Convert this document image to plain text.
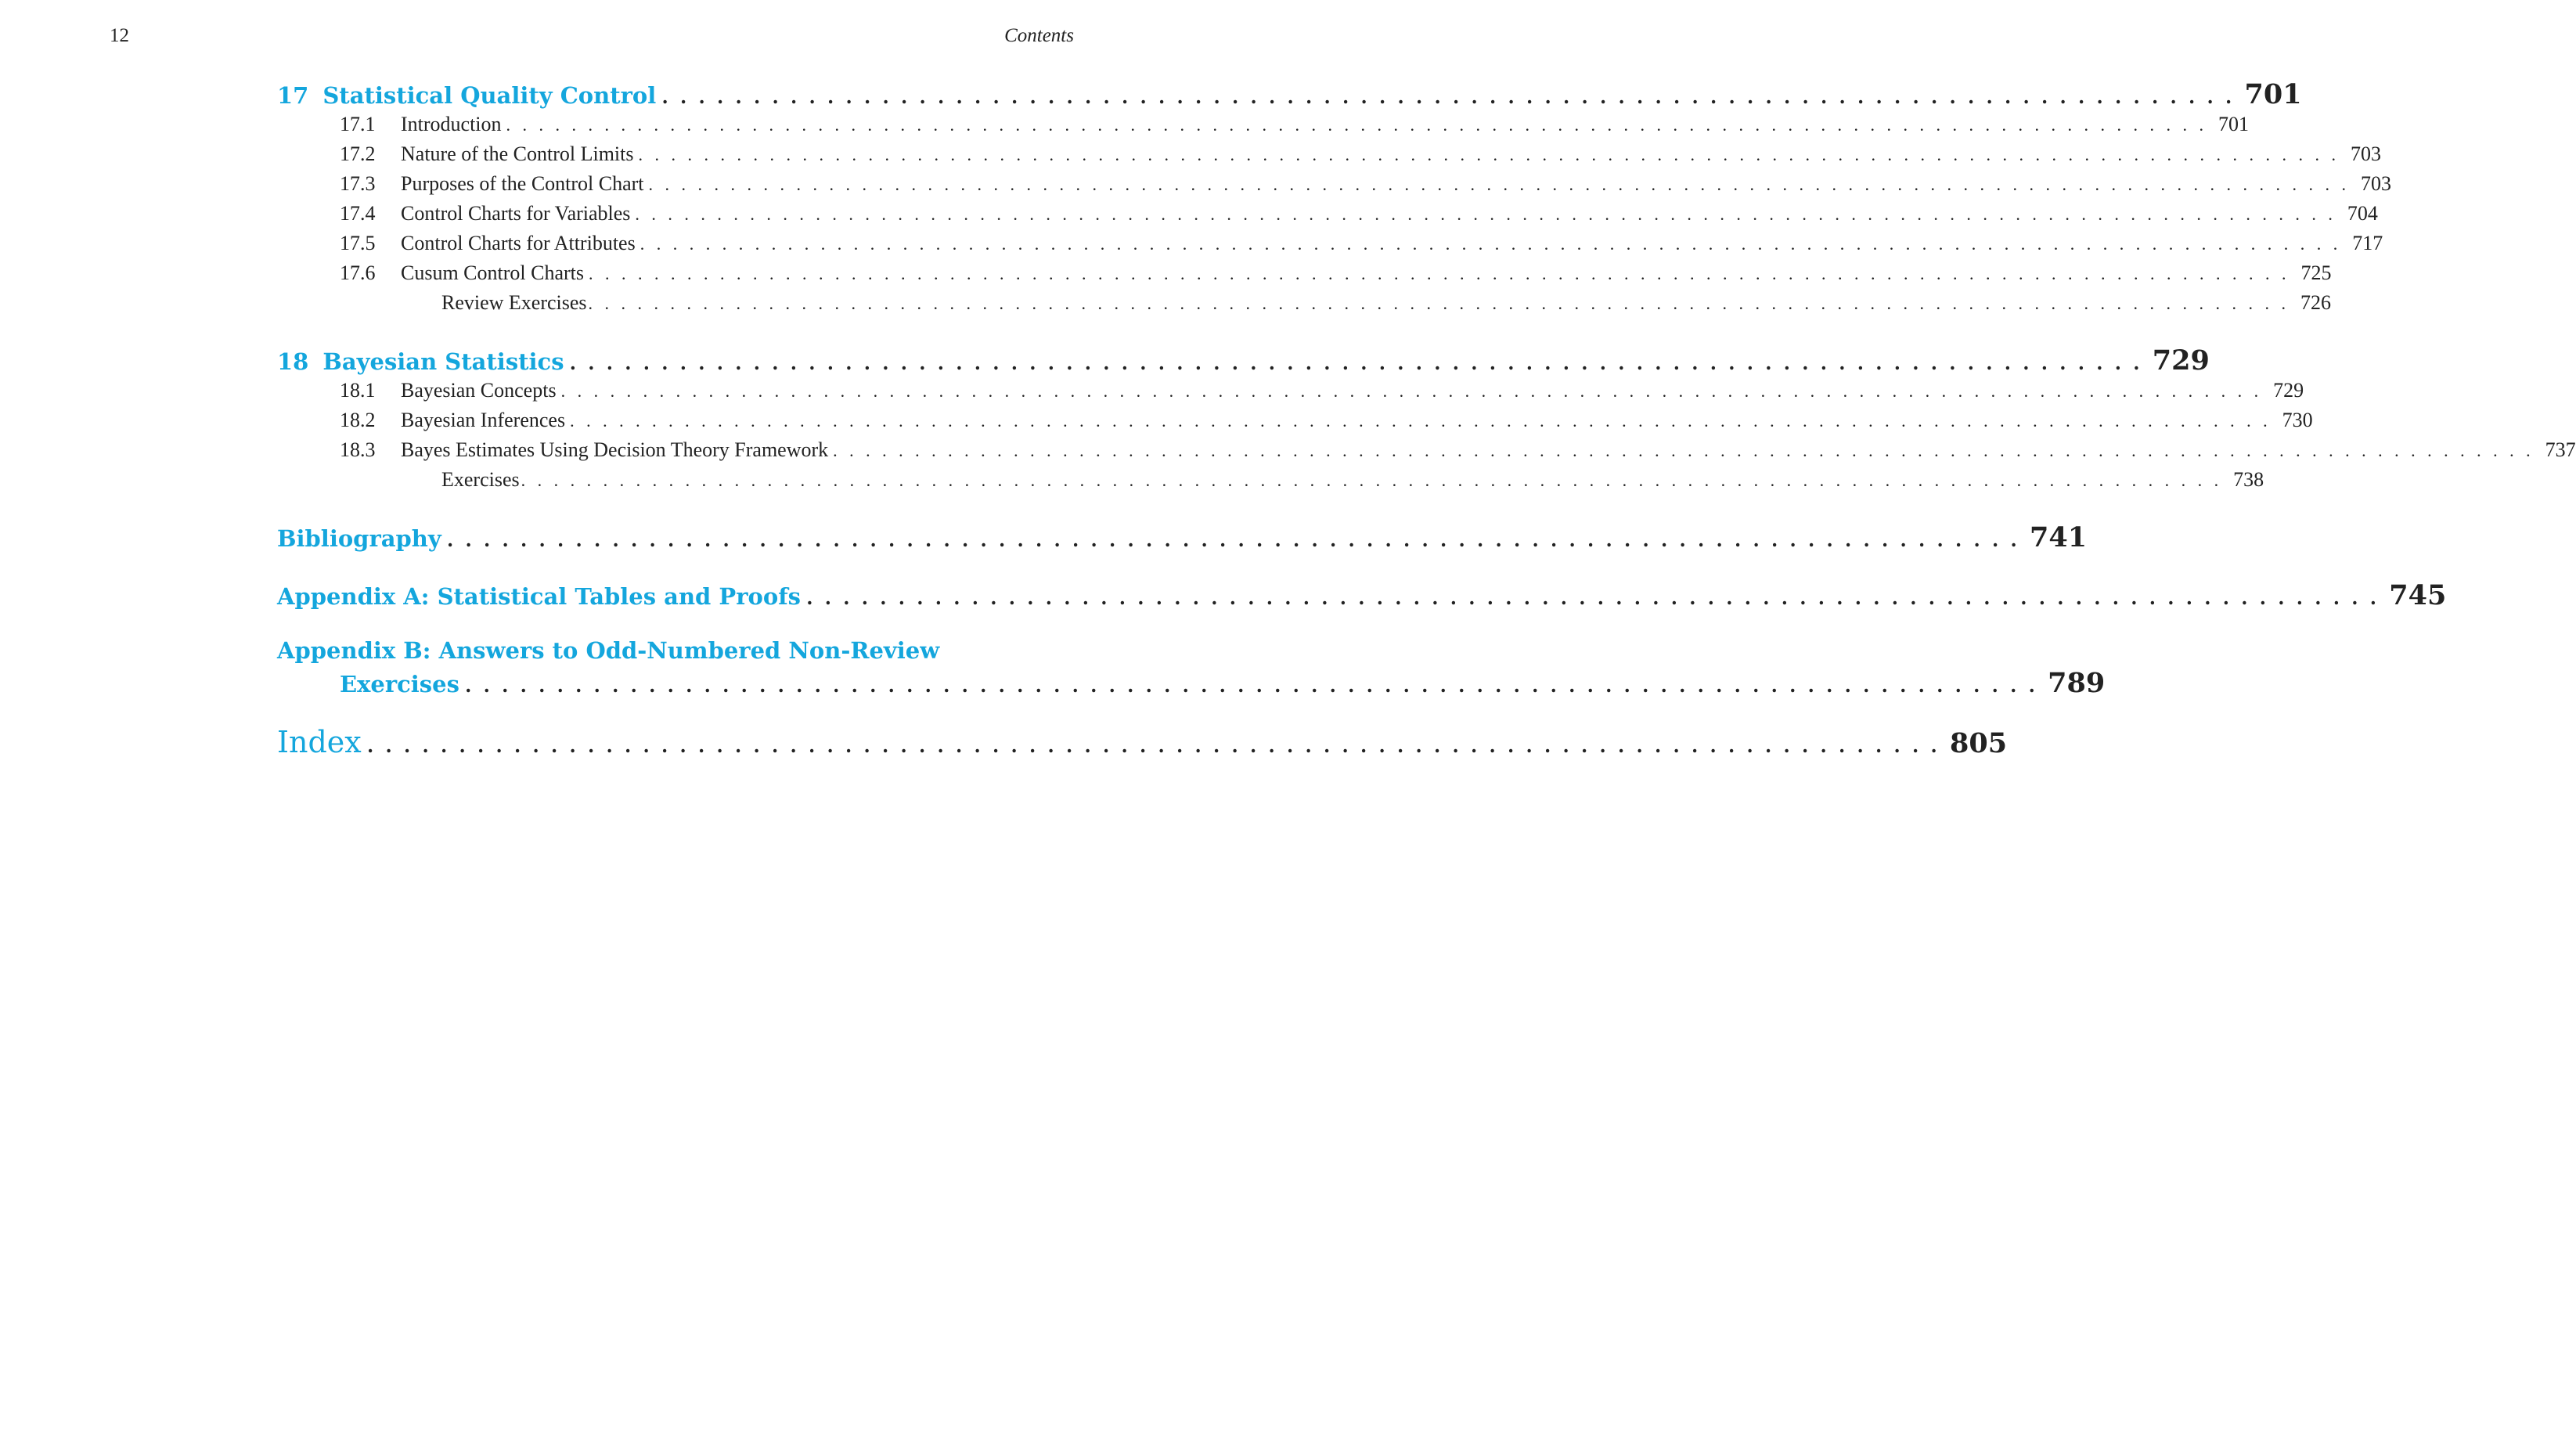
12	Contents
17 Statistical Quality Control . . . . . . . . . . . . . . . . . . . . . . . . . . . . . . . . . . . . . . . . . . . . . . . . . . . . . . . . . . . . . . . . . . . . . . . . . . . . . . . . . . . . . . 701
17.1	Introduction . . . . . . . . . . . . . . . . . . . . . . . . . . . . . . . . . . . . . . . . . . . . . . . . . . . . . . . . . . . . . . . . . . . . . . . . . . . . . . . . . . . . . . . . . . . . . . . . . . . . . . . . 701
17.2	Nature of the Control Limits . . . . . . . . . . . . . . . . . . . . . . . . . . . . . . . . . . . . . . . . . . . . . . . . . . . . . . . . . . . . . . . . . . . . . . . . . . . . . . . . . . . . . . . . . . . . . . . . . . . . . . . . 703
17.3	Purposes of the Control Chart . . . . . . . . . . . . . . . . . . . . . . . . . . . . . . . . . . . . . . . . . . . . . . . . . . . . . . . . . . . . . . . . . . . . . . . . . . . . . . . . . . . . . . . . . . . . . . . . . . . . . . . . 703
17.4	Control Charts for Variables . . . . . . . . . . . . . . . . . . . . . . . . . . . . . . . . . . . . . . . . . . . . . . . . . . . . . . . . . . . . . . . . . . . . . . . . . . . . . . . . . . . . . . . . . . . . . . . . . . . . . . . . 704
17.5	Control Charts for Attributes . . . . . . . . . . . . . . . . . . . . . . . . . . . . . . . . . . . . . . . . . . . . . . . . . . . . . . . . . . . . . . . . . . . . . . . . . . . . . . . . . . . . . . . . . . . . . . . . . . . . . . . . 717
17.6	Cusum Control Charts . . . . . . . . . . . . . . . . . . . . . . . . . . . . . . . . . . . . . . . . . . . . . . . . . . . . . . . . . . . . . . . . . . . . . . . . . . . . . . . . . . . . . . . . . . . . . . . . . . . . . . . . 725
Review Exercises . . . . . . . . . . . . . . . . . . . . . . . . . . . . . . . . . . . . . . . . . . . . . . . . . . . . . . . . . . . . . . . . . . . . . . . . . . . . . . . . . . . . . . . . . . . . . . . . . . . . . . . . 726
18 Bayesian Statistics . . . . . . . . . . . . . . . . . . . . . . . . . . . . . . . . . . . . . . . . . . . . . . . . . . . . . . . . . . . . . . . . . . . . . . . . . . . . . . . . . . . . . . 729
18.1	Bayesian Concepts . . . . . . . . . . . . . . . . . . . . . . . . . . . . . . . . . . . . . . . . . . . . . . . . . . . . . . . . . . . . . . . . . . . . . . . . . . . . . . . . . . . . . . . . . . . . . . . . . . . . . . . . 729
18.2	Bayesian Inferences . . . . . . . . . . . . . . . . . . . . . . . . . . . . . . . . . . . . . . . . . . . . . . . . . . . . . . . . . . . . . . . . . . . . . . . . . . . . . . . . . . . . . . . . . . . . . . . . . . . . . . . . 730
18.3	Bayes Estimates Using Decision Theory Framework . . . . . . . . . . . . . . . . . . . . . . . . . . . . . . . . . . . . . . . . . . . . . . . . . . . . . . . . . . . . . . . . . . . . . . . . . . . . . . . . . . . . . . . . . . . . . . . . . . . . . . . . 737
Exercises . . . . . . . . . . . . . . . . . . . . . . . . . . . . . . . . . . . . . . . . . . . . . . . . . . . . . . . . . . . . . . . . . . . . . . . . . . . . . . . . . . . . . . . . . . . . . . . . . . . . . . . . 738
Bibliography . . . . . . . . . . . . . . . . . . . . . . . . . . . . . . . . . . . . . . . . . . . . . . . . . . . . . . . . . . . . . . . . . . . . . . . . . . . . . . . . . . . . . . 741
Appendix A: Statistical Tables and Proofs . . . . . . . . . . . . . . . . . . . . . . . . . . . . . . . . . . . . . . . . . . . . . . . . . . . . . . . . . . . . . . . . . . . . . . . . . . . . . . . . . . . . . . 745
Appendix B: Answers to Odd-Numbered Non-Review
Exercises . . . . . . . . . . . . . . . . . . . . . . . . . . . . . . . . . . . . . . . . . . . . . . . . . . . . . . . . . . . . . . . . . . . . . . . . . . . . . . . . . . . . . . 789
Index . . . . . . . . . . . . . . . . . . . . . . . . . . . . . . . . . . . . . . . . . . . . . . . . . . . . . . . . . . . . . . . . . . . . . . . . . . . . . . . . . . . . . . 805
